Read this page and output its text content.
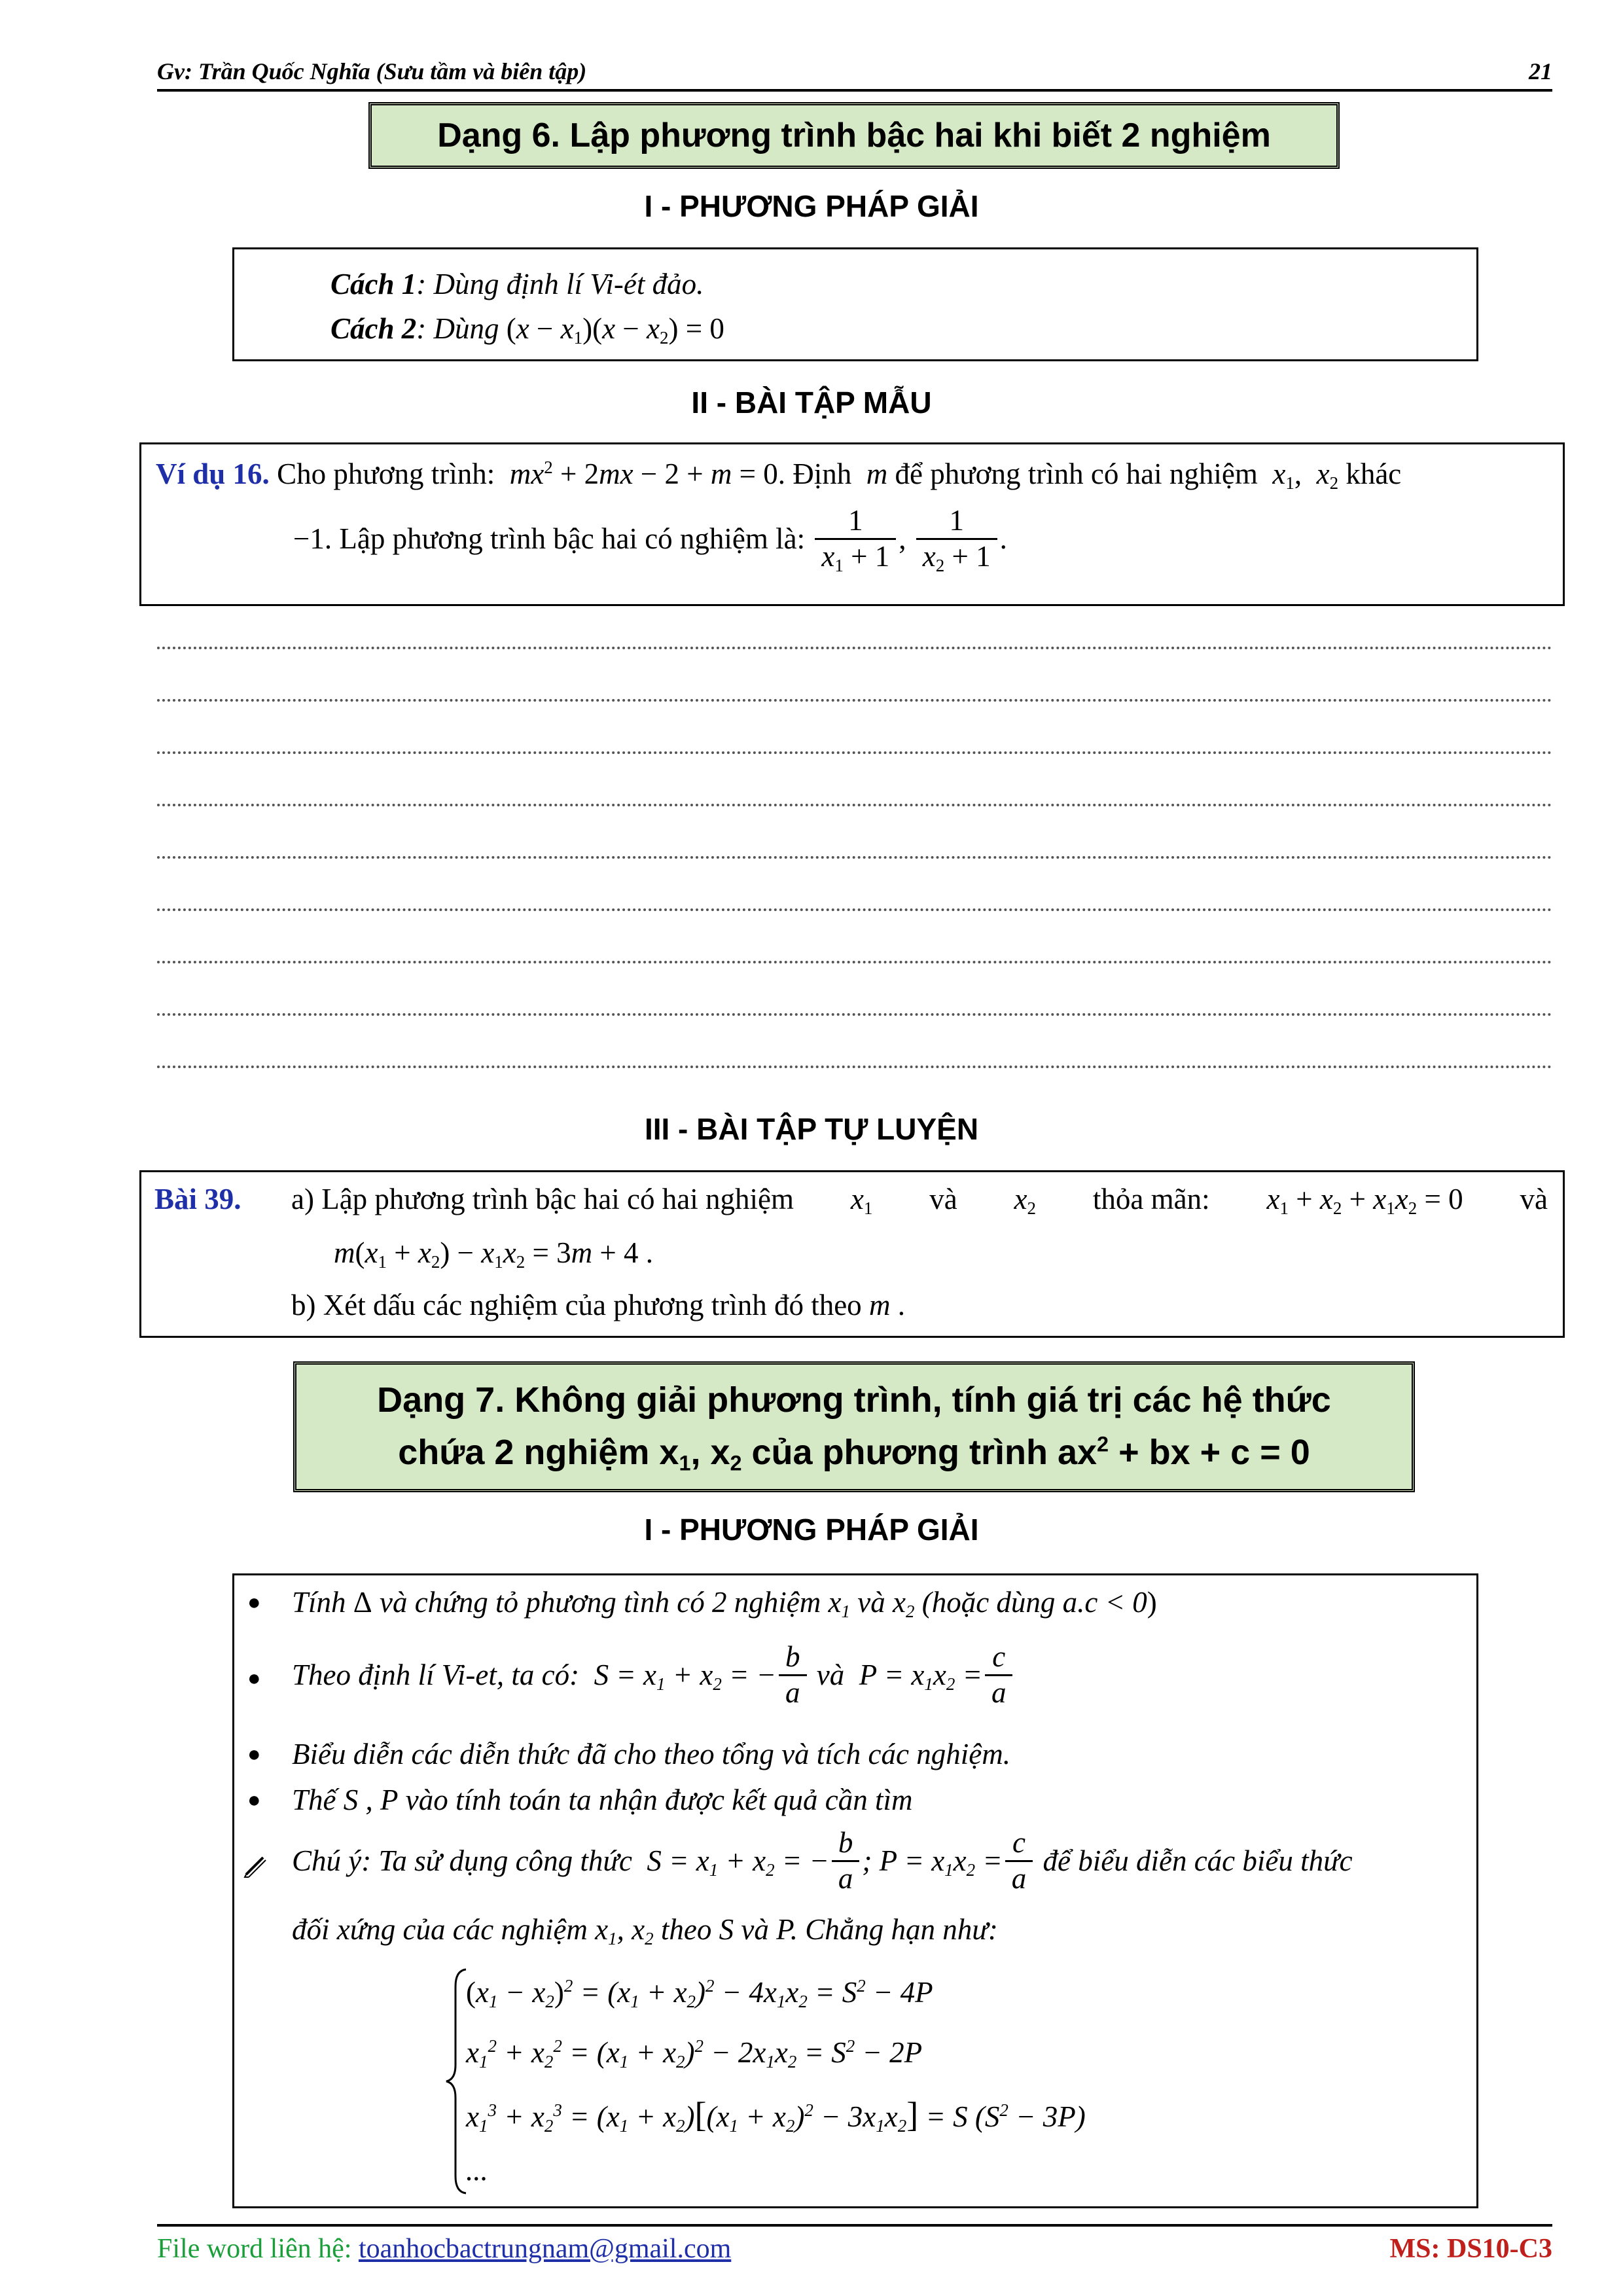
Gv: Trần Quốc Nghĩa (Sưu tầm và biên tập)	21
Dạng 6. Lập phương trình bậc hai khi biết 2 nghiệm
I - PHƯƠNG PHÁP GIẢI
Cách 1: Dùng định lí Vi-ét đảo.
Cách 2: Dùng $(x - x_1)(x - x_2) = 0$
II - BÀI TẬP MẪU
Ví dụ 16. Cho phương trình: $mx^2 + 2mx - 2 + m = 0$. Định  m để phương trình có hai nghiệm $x_1$,  $x_2$ khác
−1. Lập phương trình bậc hai có nghiệm là: $\frac{1}{x_1 + 1}$ , $\frac{1}{x_2 + 1}$ .
III - BÀI TẬP TỰ LUYỆN
Bài 39. a) Lập phương trình bậc hai có hai nghiệm $x_1$ và $x_2$ thỏa mãn: $x_1 + x_2 + x_1x_2 = 0$ và
$m(x_1 + x_2) - x_1x_2 = 3m + 4$ .
b) Xét dấu các nghiệm của phương trình đó theo m .
Dạng 7. Không giải phương trình, tính giá trị các hệ thức
chứa 2 nghiệm $x_1$, $x_2$ của phương trình $ax^2$ + bx + c = 0
I - PHƯƠNG PHÁP GIẢI
● Tính Δ và chứng tỏ phương tình có 2 nghiệm $x_1$ và $x_2$ (hoặc dùng a.c < 0)
● Theo định lí Vi-et, ta có: $S = x_1 + x_2$ = − $\frac{b}{a}$ và $P = x_1x_2 = \frac{c}{a}$
● Biểu diễn các diễn thức đã cho theo tổng và tích các nghiệm.
● Thế S , P vào tính toán ta nhận được kết quả cần tìm
Chú ý: Ta sử dụng công thức $S = x_1 + x_2$ = − $\frac{b}{a}$ ; $P = x_1x_2 = \frac{c}{a}$ để biểu diễn các biểu thức
đối xứng của các nghiệm $x_1$, $x_2$ theo S và P. Chẳng hạn như:
$(x_1 - x_2)^2 = (x_1 + x_2)^2 - 4x_1x_2 = S^2 - 4P$
$x_1^2 + x_2^2 = (x_1 + x_2)^2 - 2x_1x_2 = S^2 - 2P$
$x_1^3 + x_2^3 = (x_1 + x_2)[(x_1 + x_2)^2 - 3x_1x_2] = S$ $(S^2 - 3P)$
...
File word liên hệ: toanhocbactrungnam@gmail.com	MS: DS10-C3
